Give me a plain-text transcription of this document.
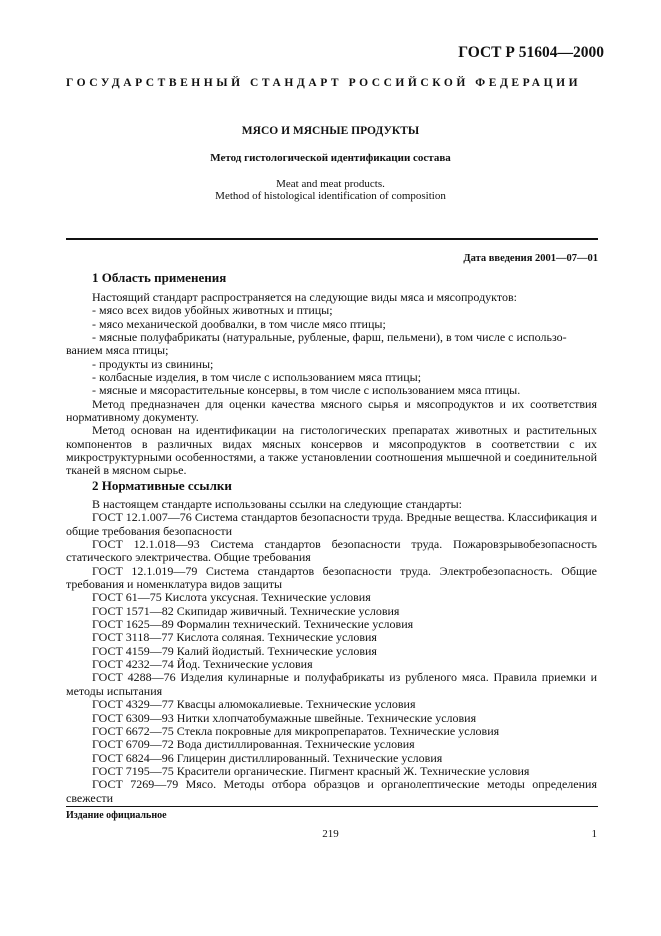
ГОСТ Р 51604—2000
ГОСУДАРСТВЕННЫЙ СТАНДАРТ РОССИЙСКОЙ ФЕДЕРАЦИИ
МЯСО И МЯСНЫЕ ПРОДУКТЫ
Метод гистологической идентификации состава
Meat and meat products.
Method of histological identification of composition
Дата введения 2001—07—01
1 Область применения

Настоящий стандарт распространяется на следующие виды мяса и мясопродуктов:
- мясо всех видов убойных животных и птицы;
- мясо механической дообвалки, в том числе мясо птицы;
- мясные полуфабрикаты (натуральные, рубленые, фарш, пельмени), в том числе с использо-
ванием мяса птицы;
- продукты из свинины;
- колбасные изделия, в том числе с использованием мяса птицы;
- мясные и мясорастительные консервы, в том числе с использованием мяса птицы.

Метод предназначен для оценки качества мясного сырья и мясопродуктов и их соответствия нормативному документу.

Метод основан на идентификации на гистологических препаратах животных и растительных компонентов в различных видах мясных консервов и мясопродуктов в соответствии с их микроструктурными особенностями, а также установлении соотношения мышечной и соединительной тканей в мясном сырье.

2 Нормативные ссылки

В настоящем стандарте использованы ссылки на следующие стандарты:

ГОСТ 12.1.007—76 Система стандартов безопасности труда. Вредные вещества. Классификация и общие требования безопасности

ГОСТ 12.1.018—93 Система стандартов безопасности труда. Пожаровзрывобезопасность статического электричества. Общие требования

ГОСТ 12.1.019—79 Система стандартов безопасности труда. Электробезопасность. Общие требования и номенклатура видов защиты

ГОСТ 61—75 Кислота уксусная. Технические условия

ГОСТ 1571—82 Скипидар живичный. Технические условия

ГОСТ 1625—89 Формалин технический. Технические условия

ГОСТ 3118—77 Кислота соляная. Технические условия

ГОСТ 4159—79 Калий йодистый. Технические условия

ГОСТ 4232—74 Йод. Технические условия

ГОСТ 4288—76 Изделия кулинарные и полуфабрикаты из рубленого мяса. Правила приемки и методы испытания

ГОСТ 4329—77 Квасцы алюмокалиевые. Технические условия

ГОСТ 6309—93 Нитки хлопчатобумажные швейные. Технические условия

ГОСТ 6672—75 Стекла покровные для микропрепаратов. Технические условия

ГОСТ 6709—72 Вода дистиллированная. Технические условия

ГОСТ 6824—96 Глицерин дистиллированный. Технические условия

ГОСТ 7195—75 Красители органические. Пигмент красный Ж. Технические условия

ГОСТ 7269—79 Мясо. Методы отбора образцов и органолептические методы определения свежести

Издание официальное
219	1
